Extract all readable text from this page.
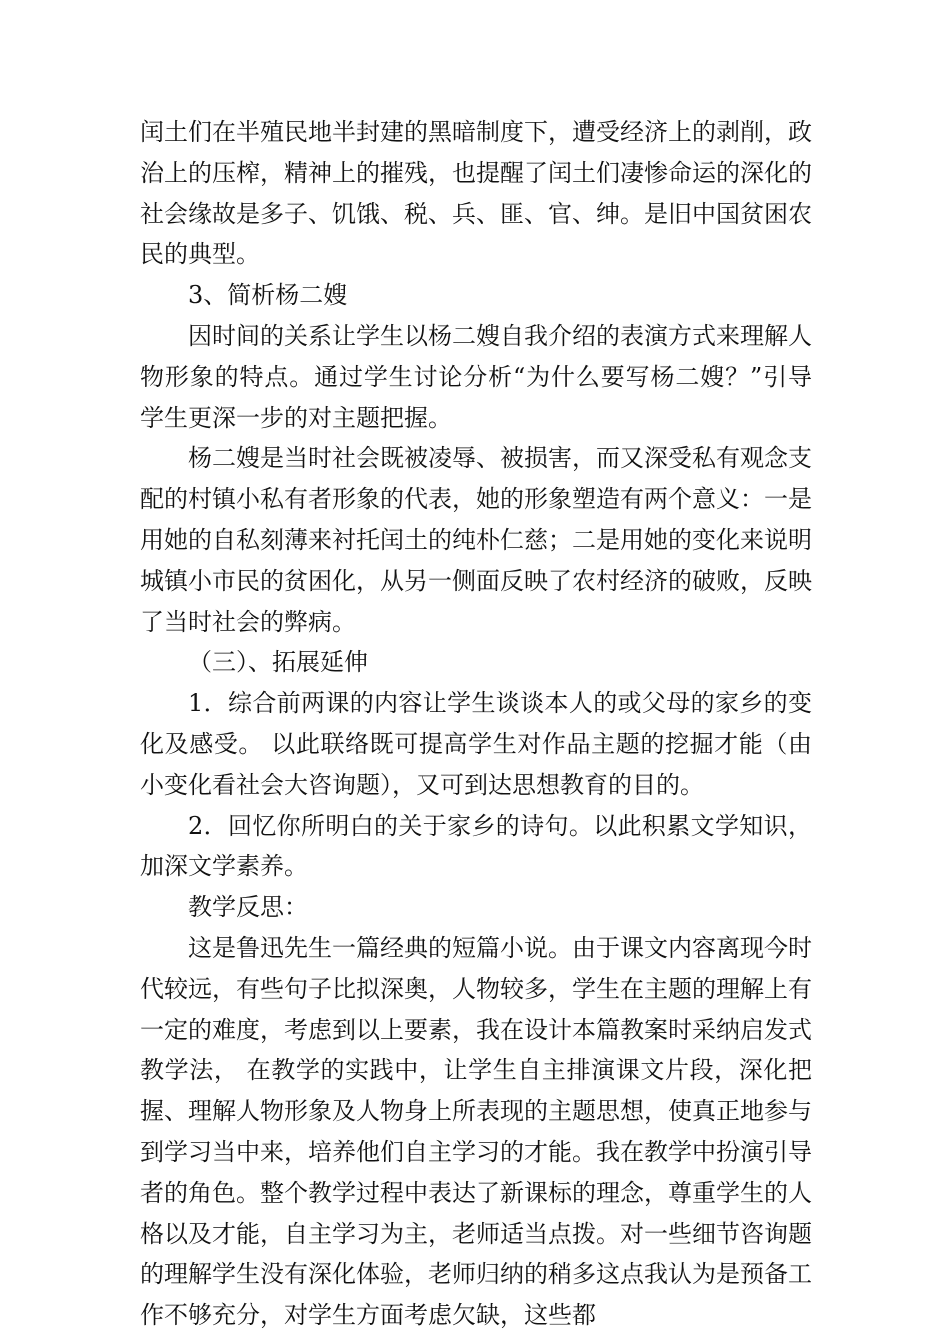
闰土们在半殖民地半封建的黑暗制度下，遭受经济上的剥削，政治上的压榨，精神上的摧残，也提醒了闰土们凄惨命运的深化的社会缘故是多子、饥饿、税、兵、匪、官、绅。是旧中国贫困农民的典型。

3、简析杨二嫂

因时间的关系让学生以杨二嫂自我介绍的表演方式来理解人物形象的特点。通过学生讨论分析“为什么要写杨二嫂？”引导学生更深一步的对主题把握。

杨二嫂是当时社会既被凌辱、被损害，而又深受私有观念支配的村镇小私有者形象的代表，她的形象塑造有两个意义：一是用她的自私刻薄来衬托闰土的纯朴仁慈；二是用她的变化来说明城镇小市民的贫困化，从另一侧面反映了农村经济的破败，反映了当时社会的弊病。

（三）、拓展延伸

1．综合前两课的内容让学生谈谈本人的或父母的家乡的变化及感受。 以此联络既可提高学生对作品主题的挖掘才能（由小变化看社会大咨询题），又可到达思想教育的目的。

2．回忆你所明白的关于家乡的诗句。以此积累文学知识，加深文学素养。

教学反思：

这是鲁迅先生一篇经典的短篇小说。由于课文内容离现今时代较远，有些句子比拟深奥，人物较多，学生在主题的理解上有一定的难度，考虑到以上要素，我在设计本篇教案时采纳启发式教学法， 在教学的实践中，让学生自主排演课文片段，深化把握、理解人物形象及人物身上所表现的主题思想，使真正地参与到学习当中来，培养他们自主学习的才能。我在教学中扮演引导者的角色。整个教学过程中表达了新课标的理念，尊重学生的人格以及才能，自主学习为主，老师适当点拨。对一些细节咨询题的理解学生没有深化体验，老师归纳的稍多这点我认为是预备工作不够充分，对学生方面考虑欠缺，这些都
